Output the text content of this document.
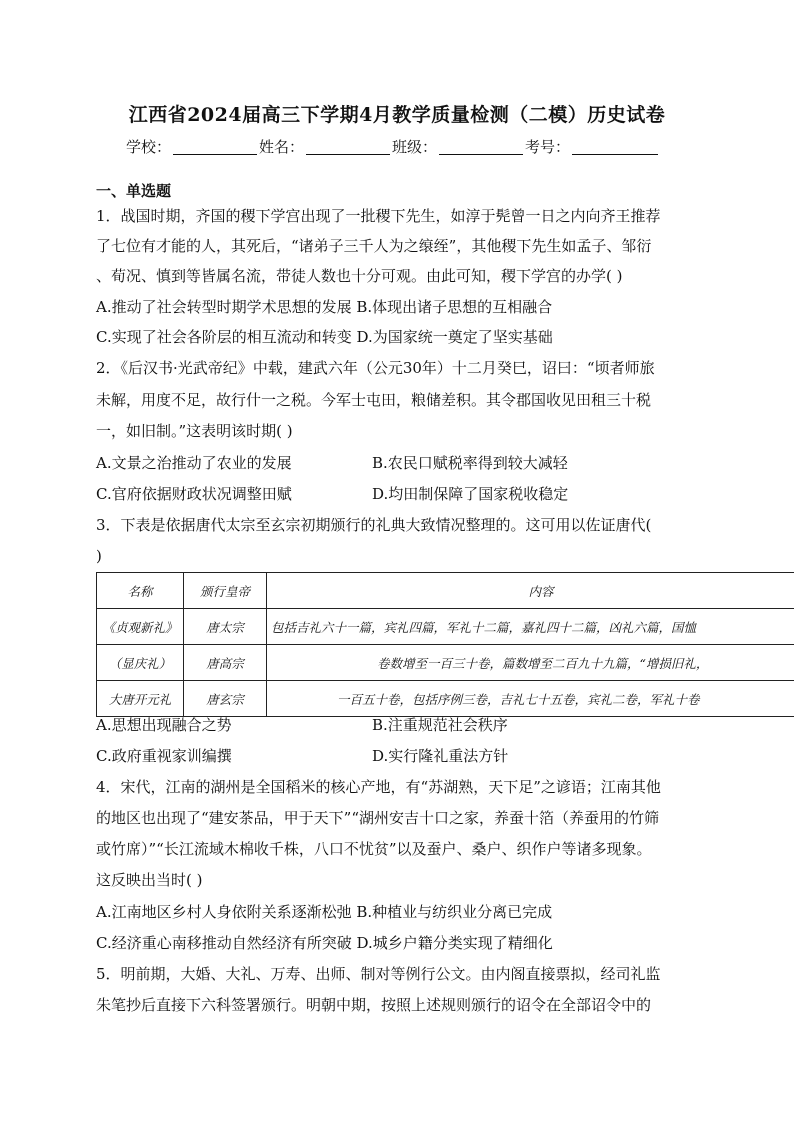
江西省2024届高三下学期4月教学质量检测（二模）历史试卷
学校：	姓名：	班级：	考号：
一、单选题
1．战国时期，齐国的稷下学宫出现了一批稷下先生，如淳于髡曾一日之内向齐王推荐
了七位有才能的人，其死后，“诸弟子三千人为之缞绖”，其他稷下先生如孟子、邹衍
、荀况、慎到等皆属名流，带徒人数也十分可观。由此可知，稷下学宫的办学( )
A.推动了社会转型时期学术思想的发展 B.体现出诸子思想的互相融合
C.实现了社会各阶层的相互流动和转变 D.为国家统一奠定了坚实基础
2．《后汉书·光武帝纪》中载，建武六年（公元30年）十二月癸巳，诏曰：“顷者师旅
未解，用度不足，故行什一之税。今军士屯田，粮储差积。其令郡国收见田租三十税
一，如旧制。”这表明该时期( )
A.文景之治推动了农业的发展	B.农民口赋税率得到较大减轻
C.官府依据财政状况调整田赋	D.均田制保障了国家税收稳定
3．下表是依据唐代太宗至玄宗初期颁行的礼典大致情况整理的。这可用以佐证唐代(
)
名称	颁行皇帝	内容
《贞观新礼》	唐太宗	包括吉礼六十一篇，宾礼四篇，军礼十二篇，嘉礼四十二篇，凶礼六篇，国恤
（显庆礼）	唐高宗	卷数增至一百三十卷，篇数增至二百九十九篇，“增损旧礼，
大唐开元礼	唐玄宗	一百五十卷，包括序例三卷，吉礼七十五卷，宾礼二卷，军礼十卷
A.思想出现融合之势	B.注重规范社会秩序
C.政府重视家训编撰	D.实行隆礼重法方针
4．宋代，江南的湖州是全国稻米的核心产地，有“苏湖熟，天下足”之谚语；江南其他
的地区也出现了“建安茶品，甲于天下”“湖州安吉十口之家，养蚕十箔（养蚕用的竹筛
或竹席）”“长江流域木棉收千株，八口不忧贫”以及蚕户、桑户、织作户等诸多现象。
这反映出当时( )
A.江南地区乡村人身依附关系逐渐松弛 B.种植业与纺织业分离已完成
C.经济重心南移推动自然经济有所突破 D.城乡户籍分类实现了精细化
5．明前期，大婚、大礼、万寿、出师、制对等例行公文。由内阁直接票拟，经司礼监
朱笔抄后直接下六科签署颁行。明朝中期，按照上述规则颁行的诏令在全部诏令中的
